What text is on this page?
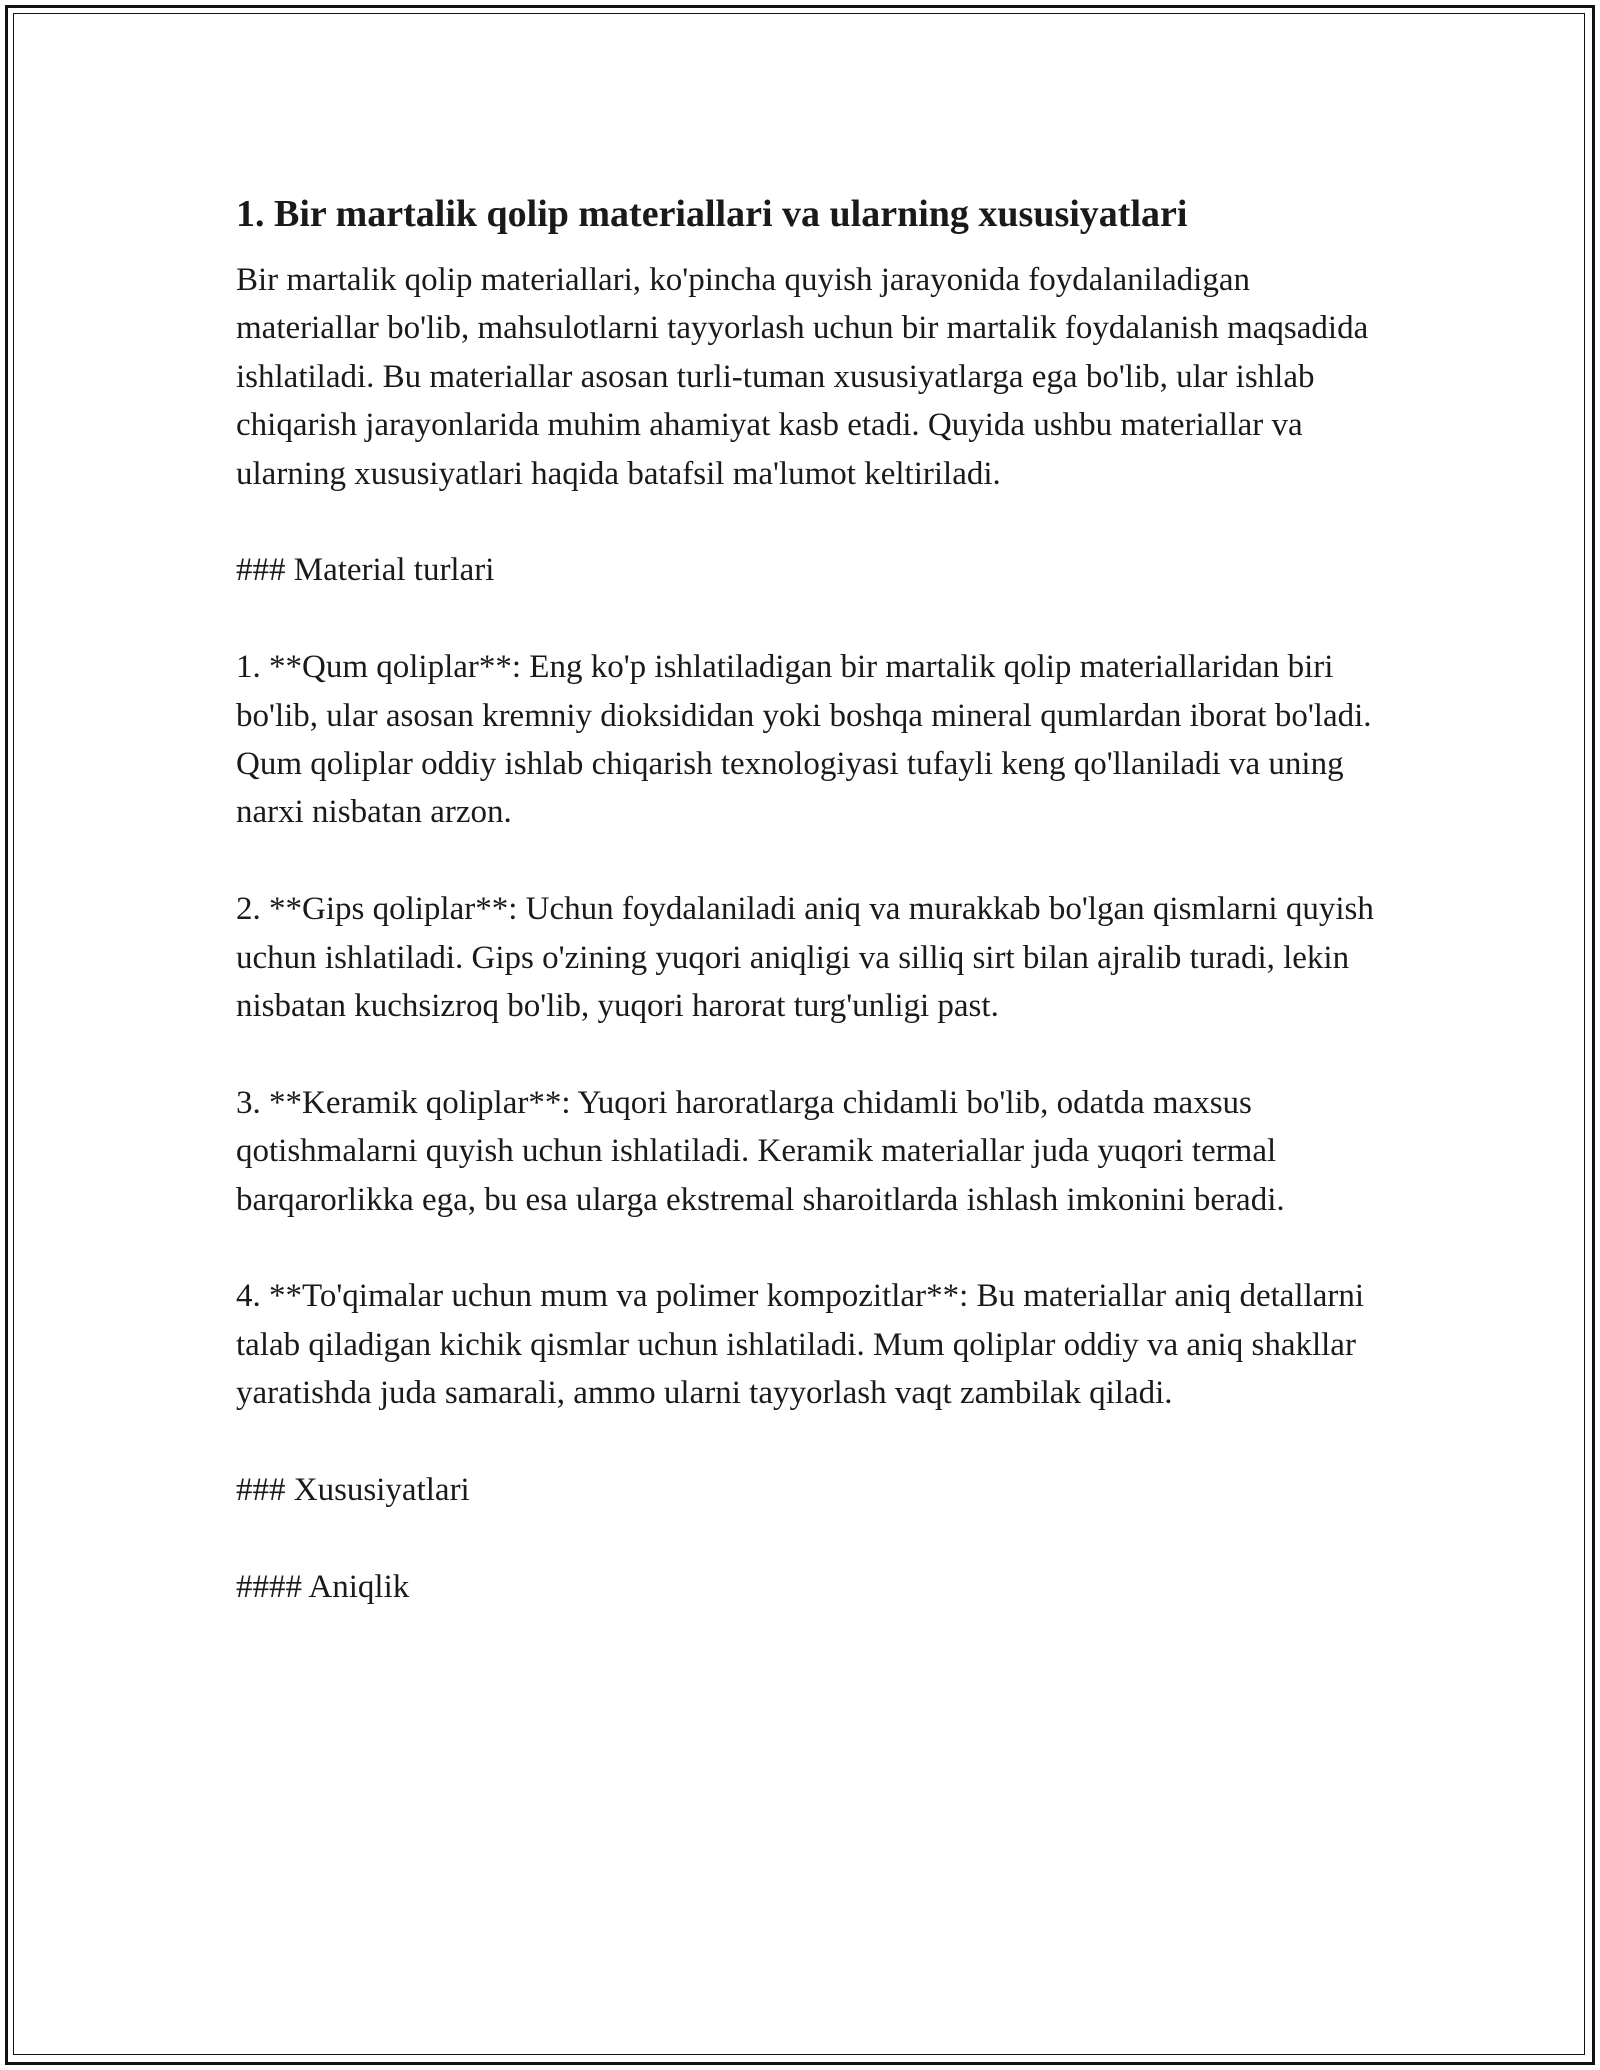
1. Bir martalik qolip materiallari va ularning xususiyatlari

Bir martalik qolip materiallari, ko'pincha quyish jarayonida foydalaniladigan materiallar bo'lib, mahsulotlarni tayyorlash uchun bir martalik foydalanish maqsadida ishlatiladi. Bu materiallar asosan turli-tuman xususiyatlarga ega bo'lib, ular ishlab chiqarish jarayonlarida muhim ahamiyat kasb etadi. Quyida ushbu materiallar va ularning xususiyatlari haqida batafsil ma'lumot keltiriladi.

### Material turlari

1. **Qum qoliplar**: Eng ko'p ishlatiladigan bir martalik qolip materiallaridan biri bo'lib, ular asosan kremniy dioksididan yoki boshqa mineral qumlardan iborat bo'ladi. Qum qoliplar oddiy ishlab chiqarish texnologiyasi tufayli keng qo'llaniladi va uning narxi nisbatan arzon.

2. **Gips qoliplar**: Uchun foydalaniladi aniq va murakkab bo'lgan qismlarni quyish uchun ishlatiladi. Gips o'zining yuqori aniqligi va silliq sirt bilan ajralib turadi, lekin nisbatan kuchsizroq bo'lib, yuqori harorat turg'unligi past.

3. **Keramik qoliplar**: Yuqori haroratlarga chidamli bo'lib, odatda maxsus qotishmalarni quyish uchun ishlatiladi. Keramik materiallar juda yuqori termal barqarorlikka ega, bu esa ularga ekstremal sharoitlarda ishlash imkonini beradi.

4. **To'qimalar uchun mum va polimer kompozitlar**: Bu materiallar aniq detallarni talab qiladigan kichik qismlar uchun ishlatiladi. Mum qoliplar oddiy va aniq shakllar yaratishda juda samarali, ammo ularni tayyorlash vaqt zambilak qiladi.

### Xususiyatlari

#### Aniqlik
